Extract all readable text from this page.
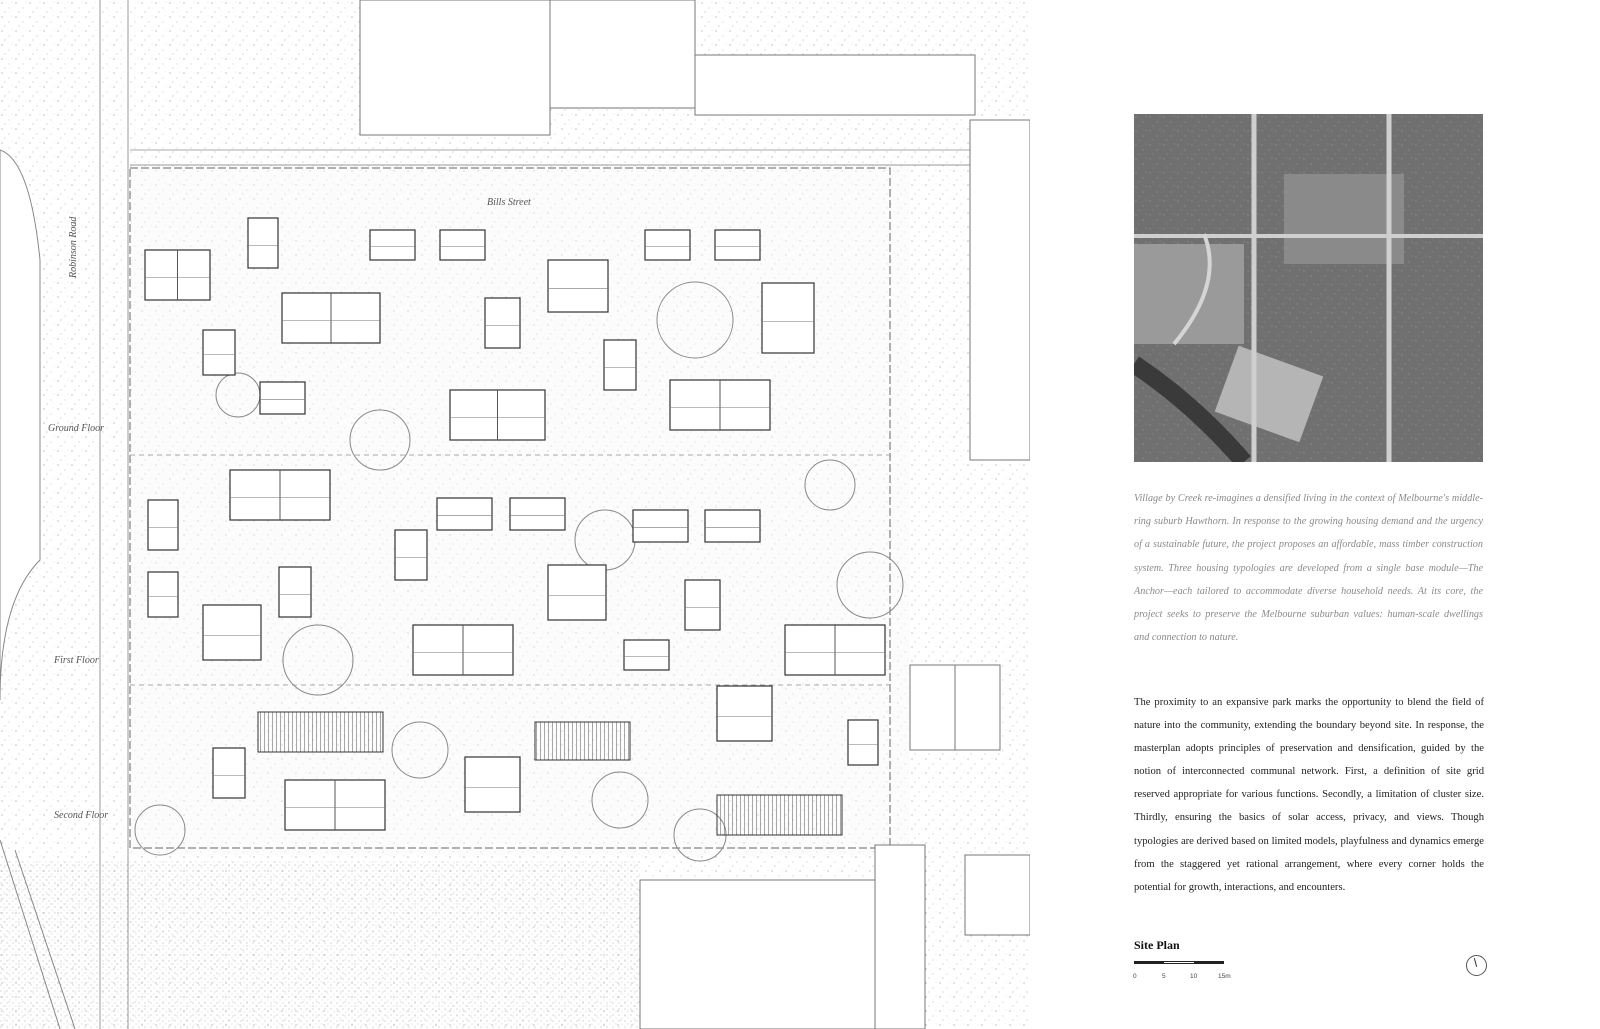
Bills Street
Robinson Road
Ground Floor
First Floor
Second Floor

Village by Creek re-imagines a densified living in the context of Melbourne's middle-ring suburb Hawthorn. In response to the growing housing demand and the urgency of a sustainable future, the project proposes an affordable, mass timber construction system. Three housing typologies are developed from a single base module—The Anchor—each tailored to accommodate diverse household needs. At its core, the project seeks to preserve the Melbourne suburban values: human-scale dwellings and connection to nature.

The proximity to an expansive park marks the opportunity to blend the field of nature into the community, extending the boundary beyond site. In response, the masterplan adopts principles of preservation and densification, guided by the notion of interconnected communal network. First, a definition of site grid reserved appropriate for various functions. Secondly, a limitation of cluster size. Thirdly, ensuring the basics of solar access, privacy, and views. Though typologies are derived based on limited models, playfulness and dynamics emerge from the staggered yet rational arrangement, where every corner holds the potential for growth, interactions, and encounters.

Site Plan
0	5	10	15m
